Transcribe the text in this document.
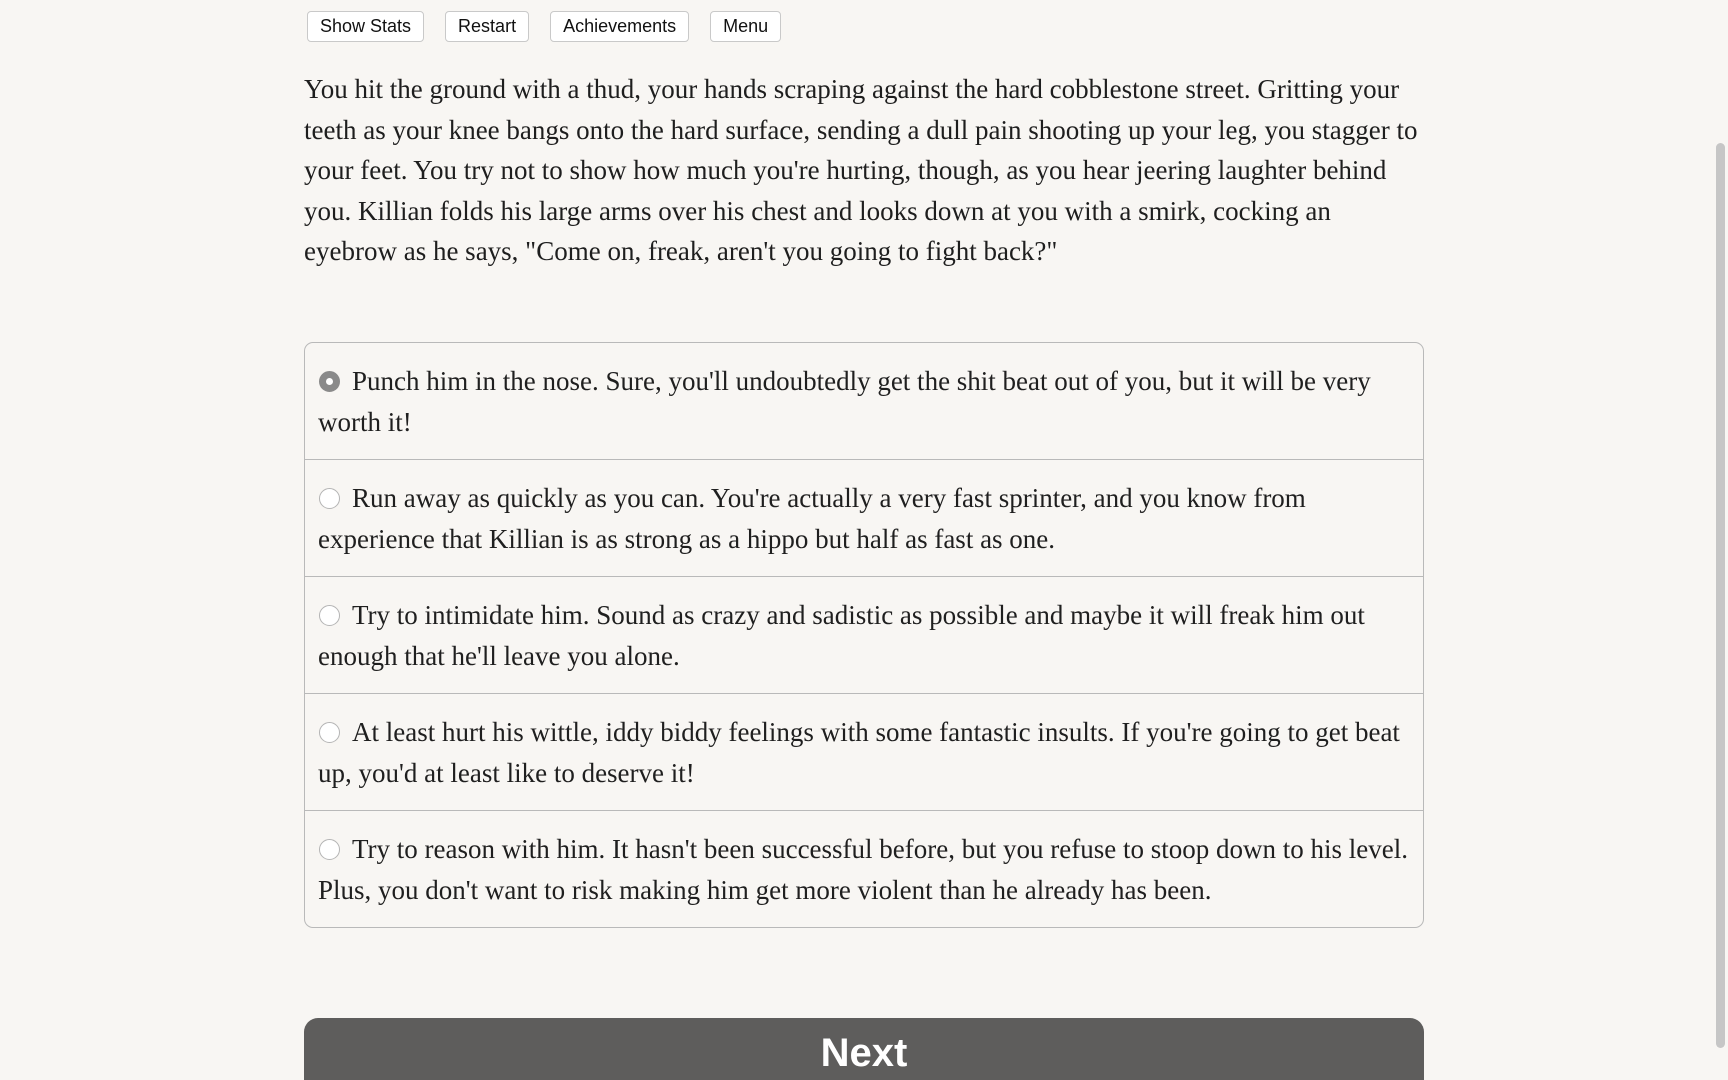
Show Stats	Restart	Achievements	Menu

You hit the ground with a thud, your hands scraping against the hard cobblestone street. Gritting your teeth as your knee bangs onto the hard surface, sending a dull pain shooting up your leg, you stagger to your feet. You try not to show how much you're hurting, though, as you hear jeering laughter behind you. Killian folds his large arms over his chest and looks down at you with a smirk, cocking an eyebrow as he says, "Come on, freak, aren't you going to fight back?"

Punch him in the nose. Sure, you'll undoubtedly get the shit beat out of you, but it will be very worth it!
Run away as quickly as you can. You're actually a very fast sprinter, and you know from experience that Killian is as strong as a hippo but half as fast as one.
Try to intimidate him. Sound as crazy and sadistic as possible and maybe it will freak him out enough that he'll leave you alone.
At least hurt his wittle, iddy biddy feelings with some fantastic insults. If you're going to get beat up, you'd at least like to deserve it!
Try to reason with him. It hasn't been successful before, but you refuse to stoop down to his level. Plus, you don't want to risk making him get more violent than he already has been.
Next
